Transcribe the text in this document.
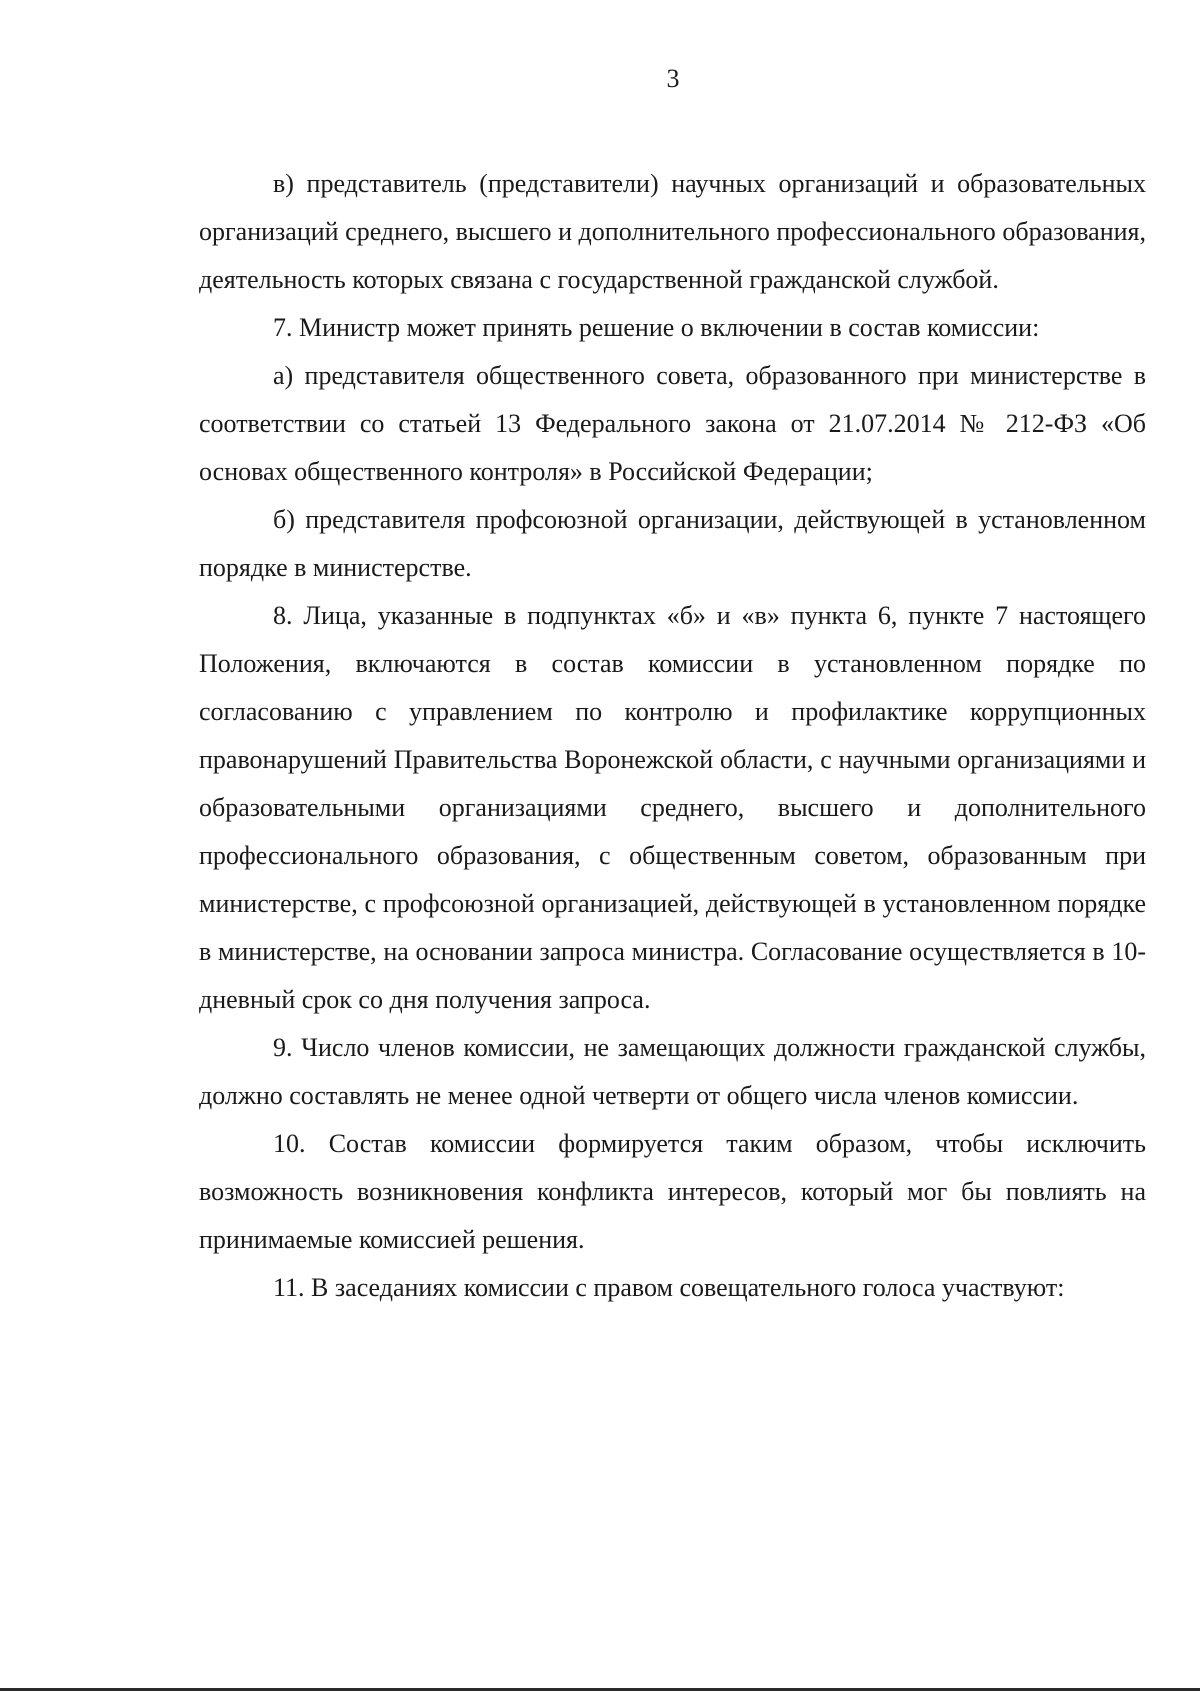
3

в) представитель (представители) научных организаций и образовательных организаций среднего, высшего и дополнительного профессионального образования, деятельность которых связана с государственной гражданской службой.

7. Министр может принять решение о включении в состав комиссии:

а) представителя общественного совета, образованного при министерстве в соответствии со статьей 13 Федерального закона от 21.07.2014 № 212-ФЗ «Об основах общественного контроля» в Российской Федерации;

б) представителя профсоюзной организации, действующей в установленном порядке в министерстве.

8. Лица, указанные в подпунктах «б» и «в» пункта 6, пункте 7 настоящего Положения, включаются в состав комиссии в установленном порядке по согласованию с управлением по контролю и профилактике коррупционных правонарушений Правительства Воронежской области, с научными организациями и образовательными организациями среднего, высшего и дополнительного профессионального образования, с общественным советом, образованным при министерстве, с профсоюзной организацией, действующей в установленном порядке в министерстве, на основании запроса министра. Согласование осуществляется в 10-дневный срок со дня получения запроса.

9. Число членов комиссии, не замещающих должности гражданской службы, должно составлять не менее одной четверти от общего числа членов комиссии.

10. Состав комиссии формируется таким образом, чтобы исключить возможность возникновения конфликта интересов, который мог бы повлиять на принимаемые комиссией решения.

11. В заседаниях комиссии с правом совещательного голоса участвуют:
